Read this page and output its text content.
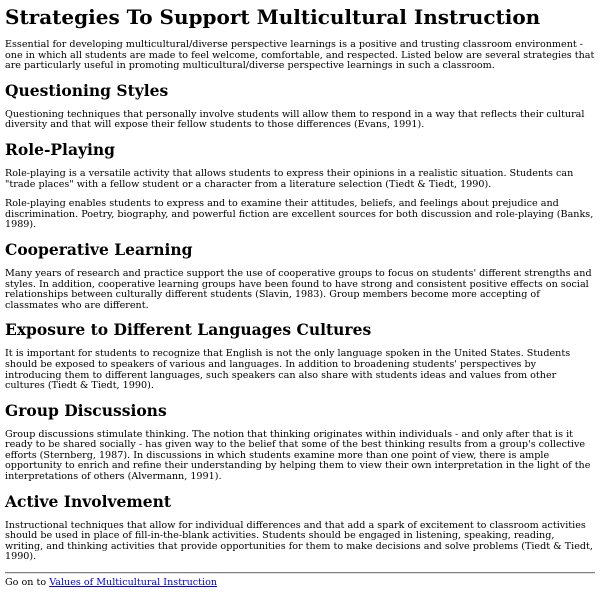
Strategies To Support Multicultural Instruction

Essential for developing multicultural/diverse perspective learnings is a positive and trusting classroom environment - one in which all students are made to feel welcome, comfortable, and respected. Listed below are several strategies that are particularly useful in promoting multicultural/diverse perspective learnings in such a classroom.

Questioning Styles

Questioning techniques that personally involve students will allow them to respond in a way that reflects their cultural diversity and that will expose their fellow students to those differences (Evans, 1991).

Role-Playing

Role-playing is a versatile activity that allows students to express their opinions in a realistic situation. Students can "trade places" with a fellow student or a character from a literature selection (Tiedt & Tiedt, 1990).

Role-playing enables students to express and to examine their attitudes, beliefs, and feelings about prejudice and discrimination. Poetry, biography, and powerful fiction are excellent sources for both discussion and role-playing (Banks, 1989).

Cooperative Learning

Many years of research and practice support the use of cooperative groups to focus on students' different strengths and styles. In addition, cooperative learning groups have been found to have strong and consistent positive effects on social relationships between culturally different students (Slavin, 1983). Group members become more accepting of classmates who are different.

Exposure to Different Languages Cultures

It is important for students to recognize that English is not the only language spoken in the United States. Students should be exposed to speakers of various and languages. In addition to broadening students' perspectives by introducing them to different languages, such speakers can also share with students ideas and values from other cultures (Tiedt & Tiedt, 1990).

Group Discussions

Group discussions stimulate thinking. The notion that thinking originates within individuals - and only after that is it ready to be shared socially - has given way to the belief that some of the best thinking results from a group's collective efforts (Sternberg, 1987). In discussions in which students examine more than one point of view, there is ample opportunity to enrich and refine their understanding by helping them to view their own interpretation in the light of the interpretations of others (Alvermann, 1991).

Active Involvement

Instructional techniques that allow for individual differences and that add a spark of excitement to classroom activities should be used in place of fill-in-the-blank activities. Students should be engaged in listening, speaking, reading, writing, and thinking activities that provide opportunities for them to make decisions and solve problems (Tiedt & Tiedt, 1990).

Go on to Values of Multicultural Instruction
